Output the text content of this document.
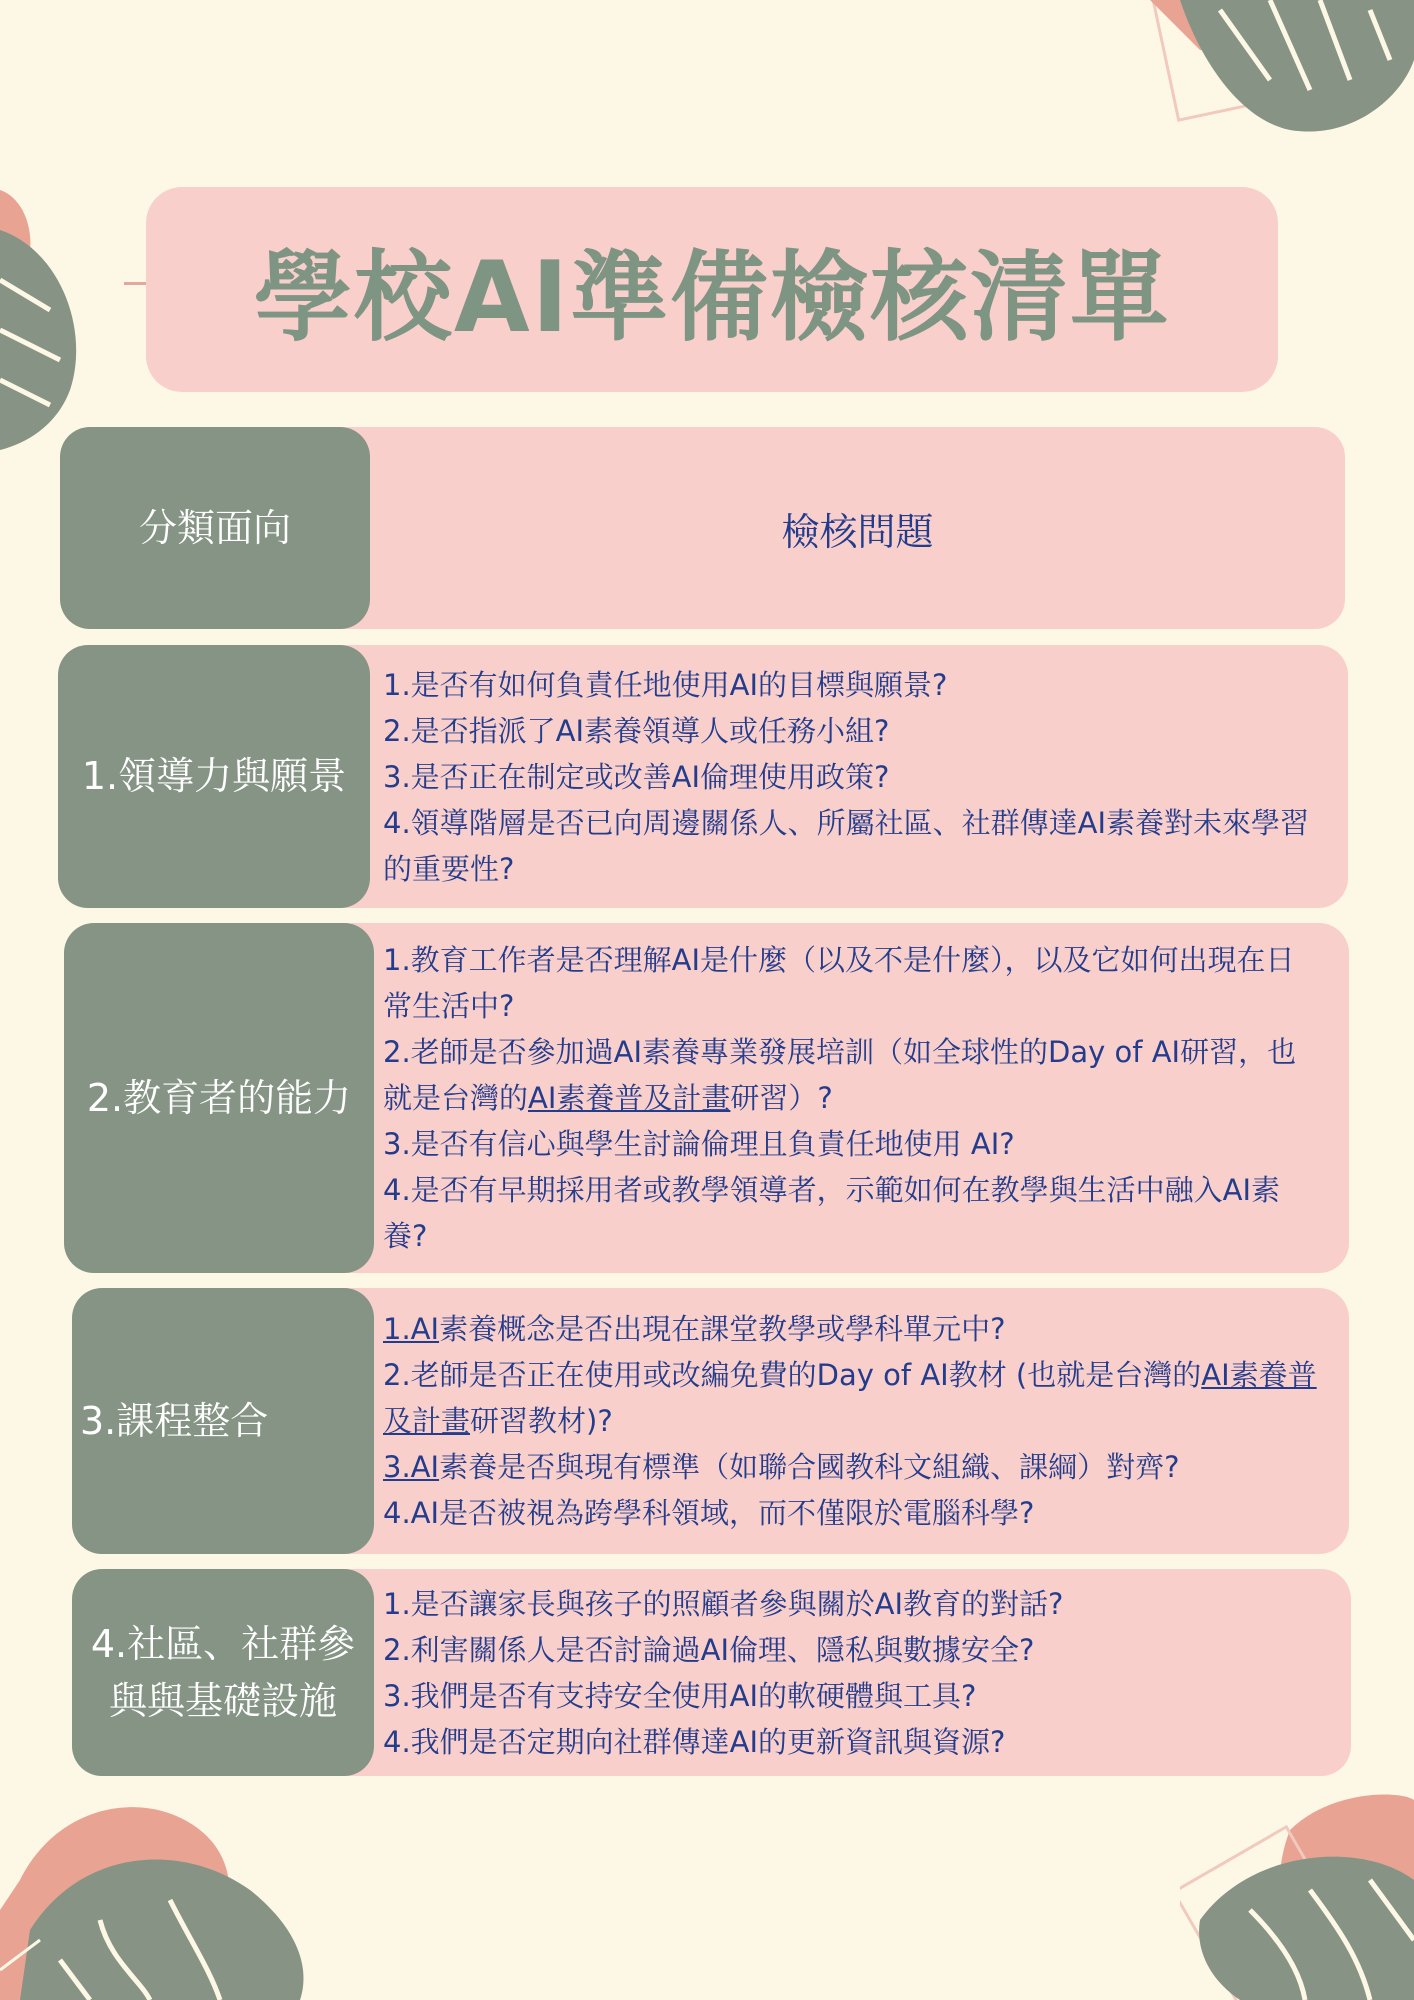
學校AI準備檢核清單
分類面向	檢核問題
1.領導力與願景

1.是否有如何負責任地使用AI的目標與願景?

2.是否指派了AI素養領導人或任務小組?

3.是否正在制定或改善AI倫理使用政策?

4.領導階層是否已向周邊關係人、所屬社區、社群傳達AI素養對未來學習的重要性?

2.教育者的能力

1.教育工作者是否理解AI是什麼（以及不是什麼），以及它如何出現在日常生活中?

2.老師是否參加過AI素養專業發展培訓（如全球性的Day of AI研習，也就是台灣的AI素養普及計畫研習）?

3.是否有信心與學生討論倫理且負責任地使用 AI?

4.是否有早期採用者或教學領導者，示範如何在教學與生活中融入AI素養?

3.課程整合

1.AI素養概念是否出現在課堂教學或學科單元中?

2.老師是否正在使用或改編免費的Day of AI教材 (也就是台灣的AI素養普及計畫研習教材)?

3.AI素養是否與現有標準（如聯合國教科文組織、課綱）對齊?

4.AI是否被視為跨學科領域，而不僅限於電腦科學?

4.社區、社群參
與與基礎設施

1.是否讓家長與孩子的照顧者參與關於AI教育的對話?

2.利害關係人是否討論過AI倫理、隱私與數據安全?

3.我們是否有支持安全使用AI的軟硬體與工具?

4.我們是否定期向社群傳達AI的更新資訊與資源?
